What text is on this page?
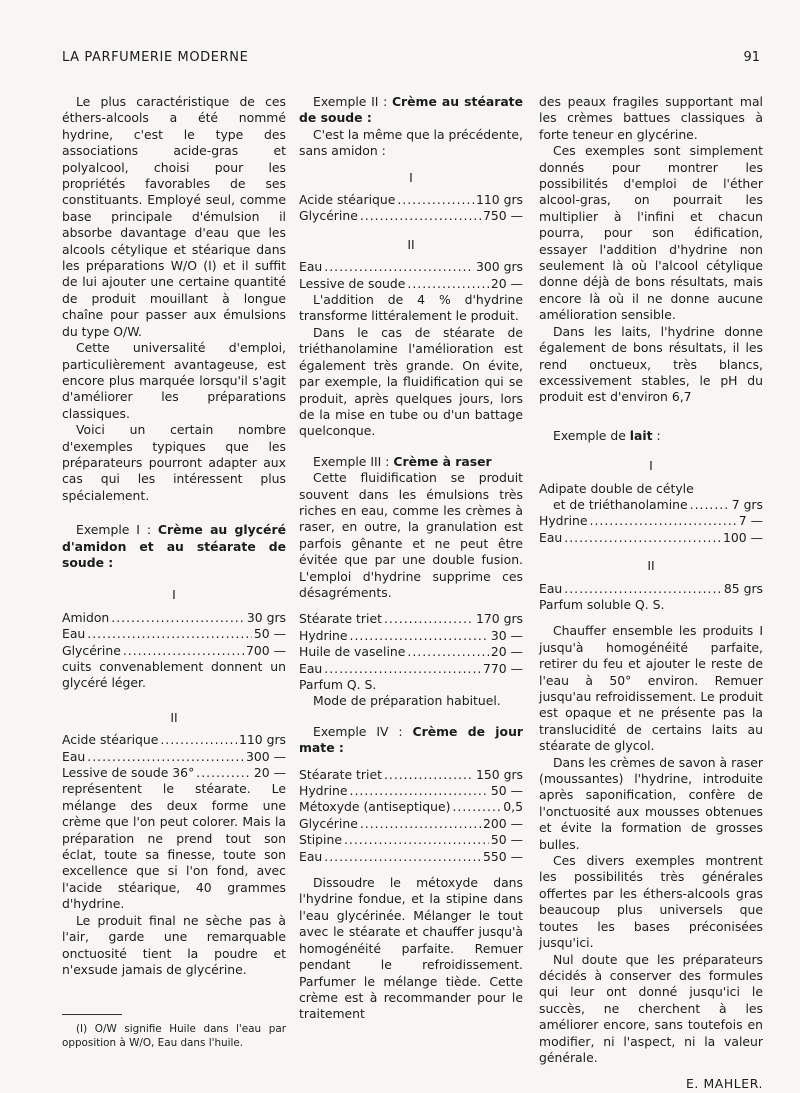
LA PARFUMERIE MODERNE	91

Le plus caractéristique de ces éthers-alcools a été nommé hydrine, c'est le type des associations acide-gras et polyalcool, choisi pour les propriétés favorables de ses constituants. Employé seul, comme base principale d'émulsion il absorbe davantage d'eau que les alcools cétylique et stéarique dans les préparations W/O (I) et il suffit de lui ajouter une certaine quantité de produit mouillant à longue chaîne pour passer aux émulsions du type O/W.

Cette universalité d'emploi, particulièrement avantageuse, est encore plus marquée lorsqu'il s'agit d'améliorer les préparations classiques.

Voici un certain nombre d'exemples typiques que les préparateurs pourront adapter aux cas qui les intéressent plus spécialement.

Exemple I : Crème au glycéré d'amidon et au stéarate de soude :

I
Amidon .....	30 grs
Eau .....	50 —
Glycérine .....	700 —

cuits convenablement donnent un glycéré léger.

II
Acide stéarique .....	110 grs
Eau .....	300 —
Lessive de soude 36° .....	20 —

représentent le stéarate. Le mélange des deux forme une crème que l'on peut colorer. Mais la préparation ne prend tout son éclat, toute sa finesse, toute son excellence que si l'on fond, avec l'acide stéarique, 40 grammes d'hydrine.

Le produit final ne sèche pas à l'air, garde une remarquable onctuosité tient la poudre et n'exsude jamais de glycérine.

(I) O/W signifie Huile dans l'eau par opposition à W/O, Eau dans l'huile.

Exemple II : Crème au stéarate de soude :

C'est la même que la précédente, sans amidon :

I
Acide stéarique .....	110 grs
Glycérine .....	750 —
II
Eau .....	300 grs
Lessive de soude .....	20 —

L'addition de 4 % d'hydrine transforme littéralement le produit.

Dans le cas de stéarate de triéthanolamine l'amélioration est également très grande. On évite, par exemple, la fluidification qui se produit, après quelques jours, lors de la mise en tube ou d'un battage quelconque.

Exemple III : Crème à raser

Cette fluidification se produit souvent dans les émulsions très riches en eau, comme les crèmes à raser, en outre, la granulation est parfois gênante et ne peut être évitée que par une double fusion. L'emploi d'hydrine supprime ces désagréments.

Stéarate triet .....	170 grs
Hydrine .....	30 —
Huile de vaseline .....	20 —
Eau .....	770 —

Parfum Q. S.

Mode de préparation habituel.

Exemple IV : Crème de jour mate :

Stéarate triet .....	150 grs
Hydrine .....	50 —
Métoxyde (antiseptique) .....	0,5
Glycérine .....	200 —
Stipine .....	50 —
Eau .....	550 —

Dissoudre le métoxyde dans l'hydrine fondue, et la stipine dans l'eau glycérinée. Mélanger le tout avec le stéarate et chauffer jusqu'à homogénéité parfaite. Remuer pendant le refroidissement. Parfumer le mélange tiède. Cette crème est à recommander pour le traitement

des peaux fragiles supportant mal les crèmes battues classiques à forte teneur en glycérine.

Ces exemples sont simplement donnés pour montrer les possibilités d'emploi de l'éther alcool-gras, on pourrait les multiplier à l'infini et chacun pourra, pour son édification, essayer l'addition d'hydrine non seulement là où l'alcool cétylique donne déjà de bons résultats, mais encore là où il ne donne aucune amélioration sensible.

Dans les laits, l'hydrine donne également de bons résultats, il les rend onctueux, très blancs, excessivement stables, le pH du produit est d'environ 6,7

Exemple de lait :

I

Adipate double de cétyle

et de triéthanolamine .....	7 grs
Hydrine .....	7 —
Eau .....	100 —
II
Eau .....	85 grs

Parfum soluble Q. S.

Chauffer ensemble les produits I jusqu'à homogénéité parfaite, retirer du feu et ajouter le reste de l'eau à 50° environ. Remuer jusqu'au refroidissement. Le produit est opaque et ne présente pas la translucidité de certains laits au stéarate de glycol.

Dans les crèmes de savon à raser (moussantes) l'hydrine, introduite après saponification, confère de l'onctuosité aux mousses obtenues et évite la formation de grosses bulles.

Ces divers exemples montrent les possibilités très générales offertes par les éthers-alcools gras beaucoup plus universels que toutes les bases préconisées jusqu'ici.

Nul doute que les préparateurs décidés à conserver des formules qui leur ont donné jusqu'ici le succès, ne cherchent à les améliorer encore, sans toutefois en modifier, ni l'aspect, ni la valeur générale.

E. MAHLER.
